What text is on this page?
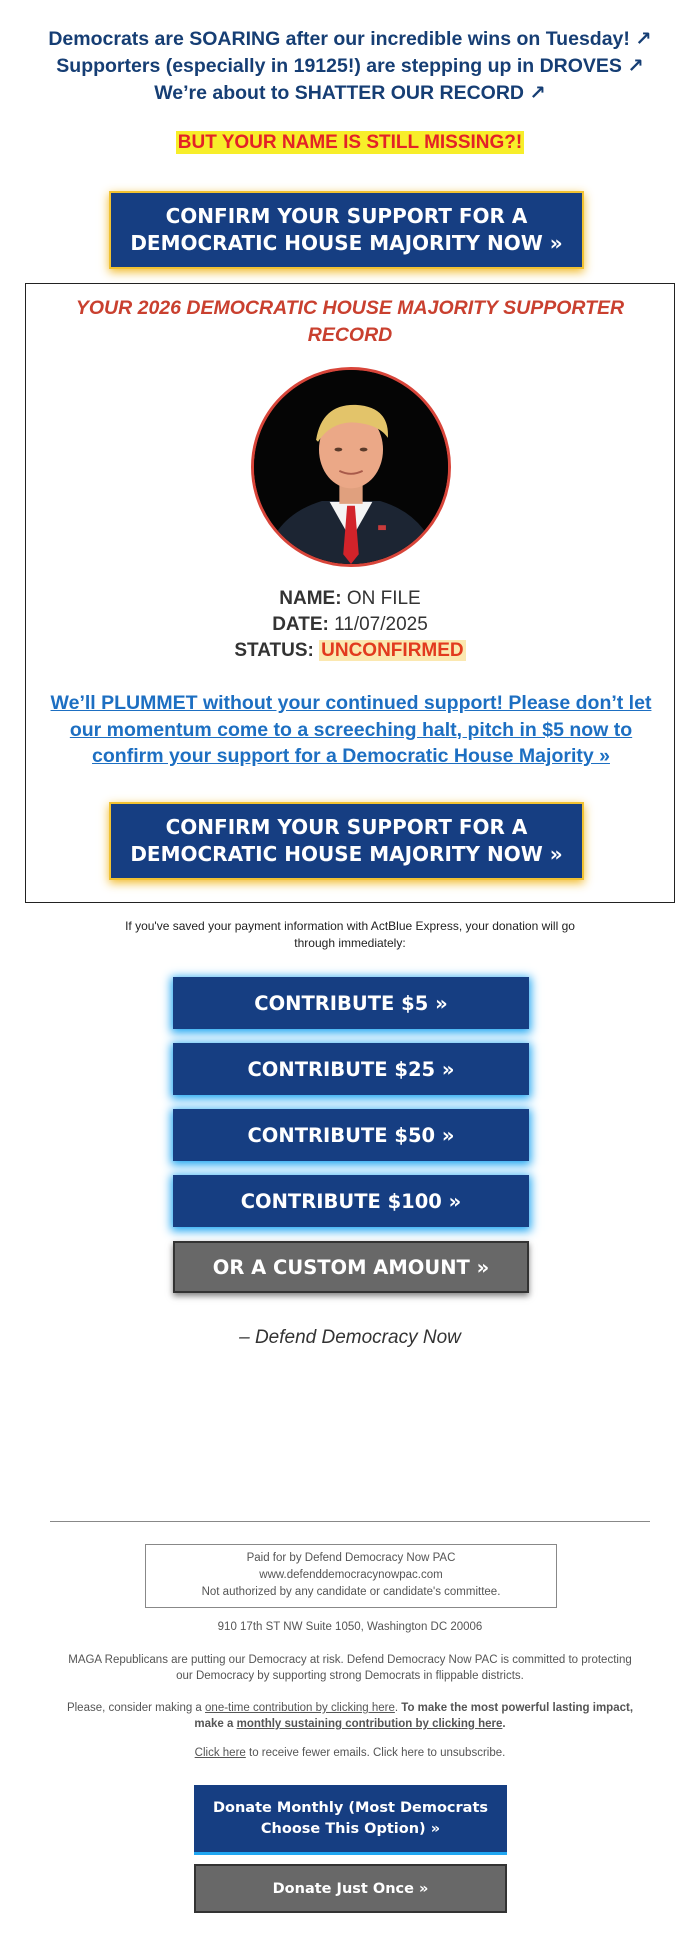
Democrats are SOARING after our incredible wins on Tuesday! ↗
Supporters (especially in 19125!) are stepping up in DROVES ↗
We’re about to SHATTER OUR RECORD ↗
BUT YOUR NAME IS STILL MISSING?!
CONFIRM YOUR SUPPORT FOR A
DEMOCRATIC HOUSE MAJORITY NOW »
YOUR 2026 DEMOCRATIC HOUSE MAJORITY SUPPORTER
RECORD
NAME: ON FILE
DATE: 11/07/2025
STATUS: UNCONFIRMED
We’ll PLUMMET without your continued support! Please don’t let our momentum come to a screeching halt, pitch in $5 now to confirm your support for a Democratic House Majority »
CONFIRM YOUR SUPPORT FOR A
DEMOCRATIC HOUSE MAJORITY NOW »
If you've saved your payment information with ActBlue Express, your donation will go through immediately:
CONTRIBUTE $5 »
CONTRIBUTE $25 »
CONTRIBUTE $50 »
CONTRIBUTE $100 »
OR A CUSTOM AMOUNT »
– Defend Democracy Now
Paid for by Defend Democracy Now PAC
www.defenddemocracynowpac.com
Not authorized by any candidate or candidate's committee.
910 17th ST NW Suite 1050, Washington DC 20006
MAGA Republicans are putting our Democracy at risk. Defend Democracy Now PAC is committed to protecting our Democracy by supporting strong Democrats in flippable districts.
Please, consider making a one-time contribution by clicking here. To make the most powerful lasting impact, make a monthly sustaining contribution by clicking here.
Click here to receive fewer emails. Click here to unsubscribe.
Donate Monthly (Most Democrats
Choose This Option) »
Donate Just Once »
